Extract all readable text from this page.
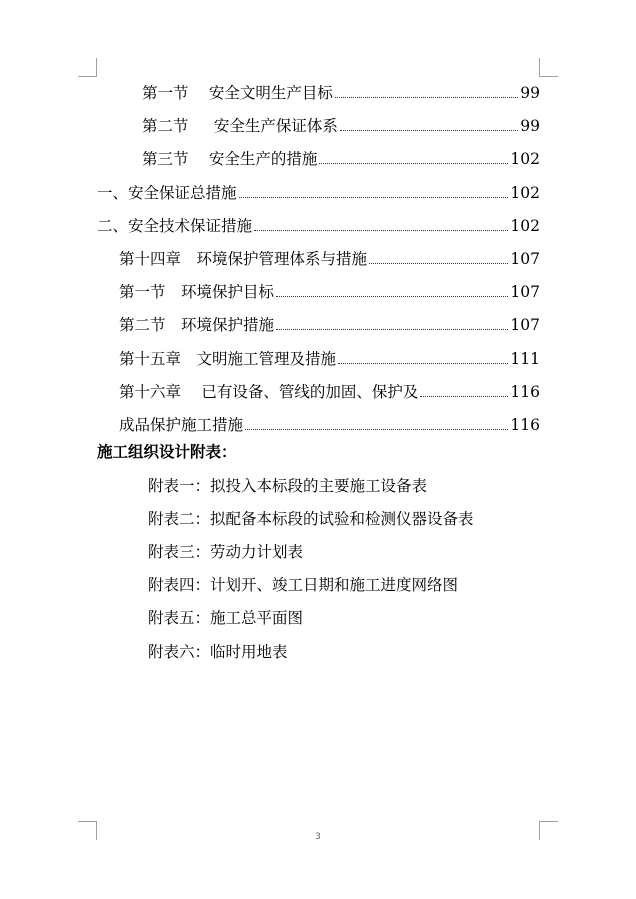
第一节　 安全文明生产目标	99
第二节　  安全生产保证体系	99
第三节　 安全生产的措施	102
一、安全保证总措施	102
二、安全技术保证措施	102
第十四章　环境保护管理体系与措施	107
第一节　环境保护目标	107
第二节　环境保护措施	107
第十五章　文明施工管理及措施	111
第十六章　 已有设备、管线的加固、保护及	116
成品保护施工措施	116
施工组织设计附表：
附表一：拟投入本标段的主要施工设备表
附表二：拟配备本标段的试验和检测仪器设备表
附表三：劳动力计划表
附表四：计划开、竣工日期和施工进度网络图
附表五：施工总平面图
附表六：临时用地表
3
